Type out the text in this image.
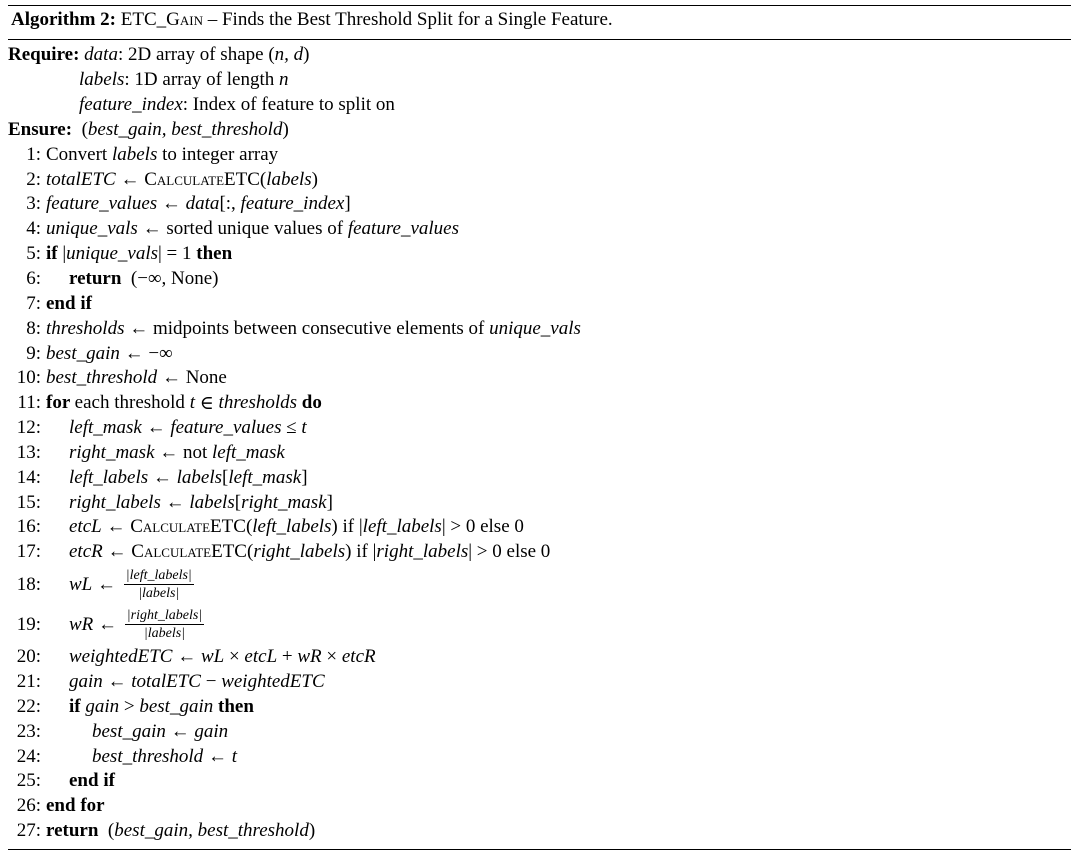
Algorithm 2: ETC_Gain – Finds the Best Threshold Split for a Single Feature.
Require: data : 2D array of shape ( n, d )
labels : 1D array of length n
feature_index : Index of feature to split on
Ensure: ( best_gain, best_threshold )
1: Convert labels to integer array
2: totalETC ← CalculateETC ( labels )
3: feature_values ← data [:, feature_index ]
4: unique_vals ← sorted unique values of feature_values
5: if | unique_vals | = 1 then
6: return (−∞, None)
7: end if
8: thresholds ← midpoints between consecutive elements of unique_vals
9: best_gain ← −∞
10: best_threshold ← None
11: for each threshold t ∈ thresholds do
12: left_mask ← feature_values ≤ t
13: right_mask ← not left_mask
14: left_labels ← labels [ left_mask ]
15: right_labels ← labels [ right_mask ]
16: etcL ← CalculateETC ( left_labels ) if | left_labels | > 0 else 0
17: etcR ← CalculateETC ( right_labels ) if | right_labels | > 0 else 0
18: wL ← $\frac{\text{|left\_labels|}}{\text{|labels|}}$
19: wR ← $\frac{\text{|right\_labels|}}{\text{|labels|}}$
20: weightedETC ← wL × etcL + wR × etcR
21: gain ← totalETC − weightedETC
22: if gain > best_gain then
23:	best_gain ← gain
24:	best_threshold ← t
25: end if
26: end for
27: return ( best_gain, best_threshold )
